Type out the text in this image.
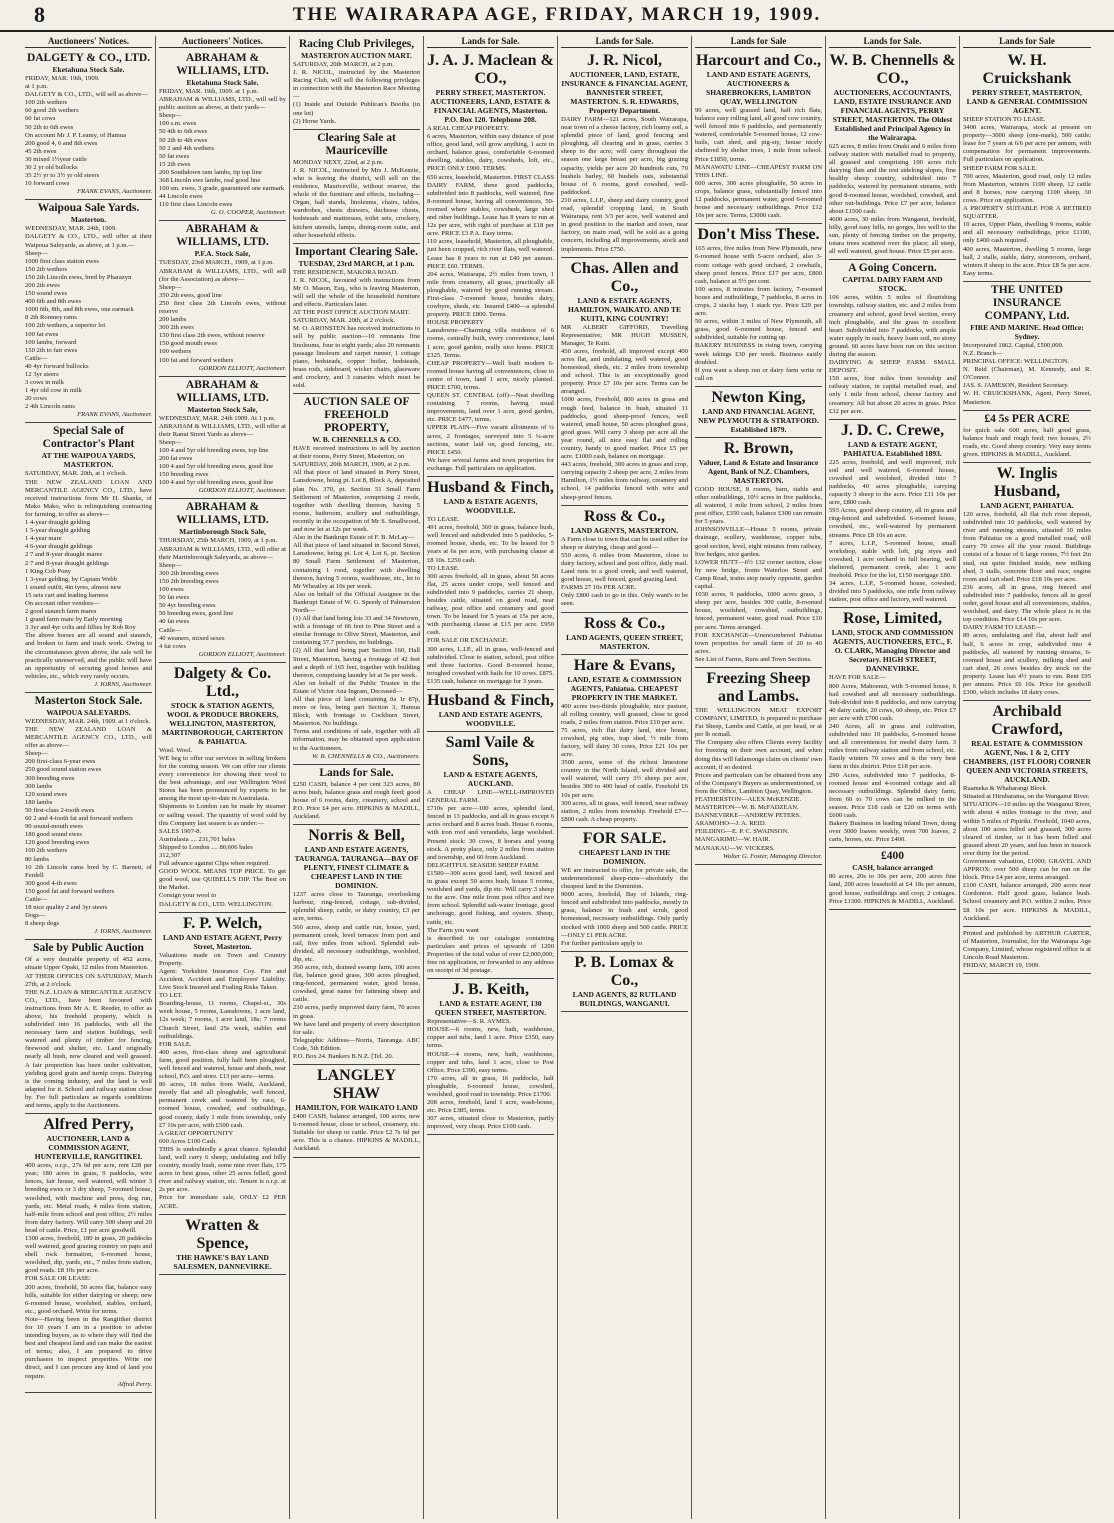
8	THE WAIRARAPA AGE, FRIDAY, MARCH 19, 1909.
Auctioneers' Notices.
DALGETY & CO., LTD.
Eketahuna Stock Sale.
FRIDAY, MAR. 19th, 1909.
at 1 p.m.
DALGETY & CO., LTD., will sell as above—
100 2th wethers
60 good 2th wethers
60 fat cows
50 2th to 6th ewes
On account Mr J. P. Leamy, of Hamua
200 good 4, 6 and 8th ewes
45 2th ewes
30 mixed 1½year cattle
30 2 yr old bullocks
35 2½ yr to 3½ yr old steers
10 forward cows
FRANK EVANS, Auctioneer.
Waipoua Sale Yards.
Masterton.
WEDNESDAY, MAR. 24th, 1909.
DALGETY & CO., LTD., will offer at their Waipoua Saleyards, as above, at 1 p.m.—
Sheep—
1000 first class station ewes
150 2th wethers
150 2th Lincoln ewes, bred by Pharazyn
200 2th ewes
150 sound ewes
400 6th and 8th ewes
1000 6th, 8th, and 8th ewes, one earmark
8 2th Romney rams
100 2th wethers, a superior lot
100 fat ewes
100 lambs, forward
150 2th to fair ewes
Cattle—
40 4yr forward bullocks
12 3yr steers
3 cows in milk
1 4yr old cow in milk
20 cows
2 4th Lincoln rams
FRANK EVANS, Auctioneer.
Special Sale of Contractor's Plant
AT THE WAIPOUA YARDS, MASTERTON.
SATURDAY, MAR. 20th, at 1 o'clock.
THE NEW ZEALAND LOAN AND MERCANTILE AGENCY CO., LTD., have received instructions from Mr H. Shanks, of Mako Mako, who is relinquishing contracting for farming, to offer as above—
1 4-year draught gelding
1 5-year draught gelding
1 4-year mare
4 6-year draught geldings
2 7 and 8-year draught mares
2 7 and 8-year draught geldings
1 King Cob Pony
1 3-year gelding, by Captain Webb
1 sound outfit, 4in tyres, almost new
15 sets cart and leading harness
On account other vendors—
2 good staunch farm mares
1 grand farm mare by Early morning
3 3yr and 4yr colts and fillies by Rob Roy
The above horses are all sound and staunch, and broken to farm and track work. Owing to the circumstances given above, the sale will be practically unreserved, and the public will have an opportunity of securing good horses and vehicles, etc., which very rarely occurs.
J. IORNS, Auctioneer.
Masterton Stock Sale.
WAIPOUA SALEYARDS.
WEDNESDAY, MAR. 24th, 1909. at 1 o'clock.
THE NEW ZEALAND LOAN & MERCANTILE AGENCY CO., LTD., will offer as above—
Sheep—
200 first-class 6-year ewes
250 good sound station ewes
300 breeding ewes
300 lambs
120 sound ewes
180 lambs
50 first-class 2-tooth ewes
60 2 and 4-tooth fat and forward wethers
90 sound-mouth ewes
180 good sound ewes
120 good breeding ewes
100 2th wethers
80 lambs
10 2th Lincoln rams bred by C. Barnett, of Ferdell
300 good 4-th ewes
150 good fat and forward wethers
Cattle—
18 nice quality 2 and 3yr steers
Dogs—
8 sheep dogs
J. IORNS, Auctioneer.
Sale by Public Auction
Of a very desirable property of 452 acres, situate Upper Opaki, 12 miles from Masterton.
AT THEIR OFFICES ON SATURDAY, March 27th, at 2 o'clock.
THE N.Z. LOAN & MERCANTILE AGENCY CO., LTD., have been favoured with instructions from Mr A. E. Reeder, to offer as above, his freehold property, which is subdivided into 16 paddocks, with all the necessary farm and station buildings, well watered and plenty of timber for fencing, firewood and shelter, etc. Land originally nearly all bush, now cleared and well grassed. A fair proportion has been under cultivation, yielding good grain and turnip crops. Dairying is the coming industry, and the land is well adapted for it. School and railway station close by. For full particulars as regards conditions and terms, apply to the Auctioneers.
Alfred Perry,
AUCTIONEER, LAND & COMMISSION AGENT, HUNTERVILLE, RANGITIKEI.
400 acres, o.r.p., 27s 6d per acre, rent £28 per year; 180 acres in grass, 9 paddocks, wire fences, fair house, well watered, will winter 3 breeding ewes or 3 dry sheep, 7-roomed house, woolshed, with machine and press, dog run, yards, etc. Metal roads, 4 miles from station, half-mile from school and post office, 2½ miles from dairy factory. Will carry 300 sheep and 20 head of cattle. Price, £1 per acre goodwill.
1300 acres, freehold, 180 in grass, 20 paddocks well watered, good grazing country on paps and shell rock formation, 6-roomed house, woolshed, dip, yards, etc., 7 miles from station, good roads. £8 10s per acre.
FOR SALE OR LEASE:
200 acres, freehold, 50 acres flat, balance easy hills, suitable for either dairying or sheep; new 6-roomed house, woolshed, stables, orchard, etc., good orchard. Write for terms.
Note—Having been in the Rangitikei district for 10 years I am in a position to advise intending buyers, as to where they will find the best and cheapest land and can make the easiest of terms; also, I am prepared to drive purchasers to inspect properties. Write me direct, and I can procure any kind of land you require.
Alfred Perry.
Auctioneers' Notices.
ABRAHAM & WILLIAMS, LTD.
Eketahuna Stock Sale.
FRIDAY, MAR. 19th, 1909. at 1 p.m.
ABRAHAM & WILLIAMS, LTD., will sell by public auction as above, at their yards—
Sheep—
100 s.m. ewes
50 4th to 6th ewes
50 2th to 4th ewes
50 2 and 4th wethers
50 fat ewes
15 2th ewes
200 Southdown ram lambs, tip top line
368 Lincoln ewe lambs, real good line
100 sm. ewes, 3 grade, guaranteed one earmark
44 Lincoln ewes
110 first class Lincoln ewes
G. O. COOPER, Auctioneer.
ABRAHAM & WILLIAMS, LTD.
P.F.A. Stock Sale,
TUESDAY, 23rd MARCH., 1909, at 1 p.m.
ABRAHAM & WILLIAMS, LTD., will sell (for the Association) as above—
Sheep—
350 2th ewes, good line
250 first class 2th Lincoln ewes, without reserve
200 lambs
300 2th ewes
150 first class 2th ewes, without reserve
150 good mouth ewes
100 wethers
100 fat and forward wethers
GORDON ELLIOTT, Auctioneer.
ABRAHAM & WILLIAMS, LTD.
Masterton Stock Sale,
WEDNESDAY, MAR. 24th 1909. At 1 p.m.
ABRAHAM & WILLIAMS, LTD., will offer at their Ranui Street Yards as above—
Sheep—
100 4 and 5yr old breeding ewes, top line
200 fat ewes
100 4 and 5yr old breeding ewes, good line
150 breeding ewes
100 4 and 5yr old breeding ewes, good line
GORDON ELLIOTT, Auctioneer.
ABRAHAM & WILLIAMS, LTD.
Martinborough Stock Sale,
THURSDAY, 25th MARCH, 1909, at 1 p.m.
ABRAHAM & WILLIAMS, LTD., will offer at their Martinborough Saleyards, as above—
Sheep—
300 2th breeding ewes
150 2th breeding ewes
100 ewes
50 fat ewes
50 4yr breeding ewes
50 breeding ewes, good line
40 fat ewes
Cattle—
40 weaners, mixed sexes
4 fat cows
GORDON ELLIOTT, Auctioneer.
Dalgety & Co. Ltd.,
STOCK & STATION AGENTS, WOOL & PRODUCE BROKERS, WELLINGTON, MASTERTON, MARTINBOROUGH, CARTERTON & PAHIATUA.
Wool. Wool.
WE beg to offer our services in selling brokers for the coming season. We can offer our clients every convenience for showing their wool to the best advantage, and our Wellington Wool Stores has been pronounced by experts to be among the most up-to-date in Australasia.
Shipments to London can be made by steamer or sailing vessel. The quantity of wool sold by this Company last season is as under:—
SALES 1907-8.
Australasia .... 231,701 bales
Shipped to London .... 80,606 bales
312,307
Full advance against Clips when required.
GOOD WOOL MEANS TOP PRICE. To get good wool, use QUIBELL'S DIP. The Best on the Market.
Consign your wool to
DALGETY & CO., LTD. WELLINGTON.
F. P. Welch,
LAND AND ESTATE AGENT, Perry Street, Masterton.
Valuations made on Town and Country Property.
Agent: Yorkshire Insurance Coy. Fire and Accident. Accident and Employers' Liability. Live Stock Insured and Foaling Risks Taken.
TO LET.
Boarding-house, 11 rooms, Chapel-st., 30s week house, 5 rooms, Lansdowne, 1 acre land, 12s week; 7 rooms, 1 acre land, 18s; 7 rooms Church Street, land 25s week, stables and outbuildings.
FOR SALE.
400 acres, first-class sheep and agricultural farm, good position, fully half been ploughed, well fenced and watered, house and sheds, near school, P.O. and store. £13 per acre—terms.
86 acres, 18 miles from Waihi, Auckland, mostly flat and all ploughable, well fenced, permanent creek and watered by race, 6-roomed house, cowshed, and outbuildings, good county, daily 1 mile from township, only £7 10s per acre, with £500 cash.
A GREAT OPPORTUNITY
600 Acres £100 Cash.
THIS is undoubtedly a great chance. Splendid land, well carry 6 sheep; undulating and hilly country, mostly bush, some nine river flats, 175 acres in best grass, other 25 acres felled, good river and railway station, etc. Tenure is o.r.p. at 2s per acre.
Price for immediate sale, ONLY £2 PER ACRE.
Wratten & Spence,
THE HAWKE'S BAY LAND SALESMEN, DANNEVIRKE.
Racing Club Privileges,
MASTERTON AUCTION MART.
SATURDAY, 20th MARCH, at 2 p.m.
J. R. NICOL, instructed by the Masterton Racing Club, will sell the following privileges in connection with the Masterton Race Meeting—
(1) Inside and Outside Publican's Booths (in one lot)
(2) Horse Yards.
Clearing Sale at Mauriceville
MONDAY NEXT, 22nd, at 2 p.m.
J. R. NICOL, instructed by Mrs J. McKenzie, who is leaving the district, will sell on the residence, Mauriceville, without reserve, the whole of the furniture and effects, including—Organ, hall stands, linoleums, chairs, tables, wardrobes, chests drawers, duchesse chests, bedsteads and mattresses, toilet sets, crockery, kitchen utensils, lamps, dining-room suite, and other household effects.
Important Clearing Sale.
TUESDAY, 23rd MARCH, at 1 p.m.
THE RESIDENCE, MAKORA ROAD.
J. R. NICOL, favoured with instructions from Mr O. Mason, Esq., who is leaving Masterton, will sell the whole of the household furniture and effects. Particulars later.
AT THE POST OFFICE AUCTION MART.
SATURDAY, MAR. 20th, at 2 o'clock.
M. O. ARONSTEN has received instructions to sell by public auction—10 remnants fine linoleums, four to eight yards; also 20 remnants passage linoleum and carpet runner, 1 cottage piano, bedsteads, copper boiler, bedsteads, brass rods, sideboard, wicker chairs, glassware and crockery, and 3 canaries which must be sold.
AUCTION SALE OF FREEHOLD PROPERTY,
W. B. CHENNELLS & CO.
HAVE received instructions to sell by auction at their rooms, Perry Street, Masterton, on
SATURDAY, 20th MARCH, 1909, at 2 p.m.
All that piece of land situated in Perry Street, Lansdowne, being pt. Lot 8, Block A, deposited plan No. 370, pt. Section 51 Small Farm Settlement of Masterton, comprising 2 roods, together with dwelling thereon, having 5 rooms, bathroom, scullery and outbuildings, recently in the occupation of Mr S. Smallwood, and now let at 12s per week.
Also in the Bankrupt Estate of F. B. McLay—
All that piece of land situated in Second Street, Lansdowne, being pt. Lot 4, Lot 6, pt. Section 80 Small Farm Settlement of Masterton, containing 1 rood, together with dwelling thereon, having 5 rooms, washhouse, etc., let to Mr Wheatley at 10s per week.
Also on behalf of the Official Assignee in the Bankrupt Estate of W. G. Speedy of Palmerston North—
(1) All that land being lots 33 and 34 Newtown, with a frontage of 66 feet to Pine Street and a similar frontage to Olive Street, Masterton, and containing 37.7 perches, no buildings.
(2) All that land being part Section 160, Hall Street, Masterton, having a frontage of 42 feet and a depth of 165 feet, together with building thereon, comprising laundry let at 5s per week.
Also on behalf of the Public Trustee in the Estate of Victor Ana Ingram, Deceased—
All that piece of land containing 0a 1r 87p, more or less, being part Section 3, Hamua Block, with frontage to Cockburn Street, Masterton. No buildings.
Terms and conditions of sale, together with all information, may be obtained upon application to the Auctioneers.
W. B. CHENNELLS & CO., Auctioneers.
Lands for Sale.
£250 CASH, balance 4 per cent 323 acres, 80 acres bush, balance grass and rough feed; good house of 6 rooms, dairy, creamery, school and P.O. Price £4 per acre. HIPKINS & MADILL, Auckland.
Norris & Bell,
LAND AND ESTATE AGENTS, TAURANGA. TAURANGA—BAY OF PLENTY, FINEST CLIMATE & CHEAPEST LAND IN THE DOMINION.
1237 acres close to Tauranga, overlooking harbour, ring-fenced, cottage, sub-divided, splendid sheep, cattle, or dairy country, £3 per acre, terms.
560 acres, sheep and cattle run, house, yard, permanent creek, level terraces from port and rail, five miles from school. Splendid sub-divided, all necessary outbuildings, woolshed, dip, etc.
360 acres, rich, drained swamp farm, 100 acres flat, balance good grass, 300 acres ploughed, ring-fenced, permanent water, good house, cowshed, great name for fattening sheep and cattle.
230 acres, partly improved dairy farm, 70 acres in grass.
We have land and property of every description for sale.
Telegraphic Address—Norris, Tauranga. ABC Code, 5th Edition.
P.O. Box 24. Bankers B.N.Z. [Tel. 20.
LANGLEY SHAW
HAMILTON, FOR WAIKATO LAND
£400 CASH, balance arranged, 100 acres, new 6-roomed house, close to school, creamery, etc. Suitable for sheep or cattle. Price £2 7s 6d per acre. This is a chance. HIPKINS & MADILL, Auckland.
Lands for Sale.
J. A. J. Maclean & CO.,
PERRY STREET, MASTERTON. AUCTIONEERS, LAND, ESTATE & FINANCIAL AGENTS, Masterton. P.O. Box 120. Telephone 208.
A REAL CHEAP PROPERTY.
6 acres, Masterton, within easy distance of post office, good land, will grow anything, 1 acre in orchard, balance grass, comfortable 6-roomed dwelling, stables, dairy, cowsheds, loft, etc., PRICE ONLY £900. TERMS.
650 acres, leasehold, Masterton. FIRST CLASS DAIRY FARM, three good paddocks, subdivided into 8 paddocks, well watered, fine 8-roomed house, having all conveniences, 50-roomed where stables, cowsheds, large shed and other buildings. Lease has 8 years to run at 12s per acre, with right of purchase at £18 per acre. PRICE £3 P.A. Easy terms.
110 acres, leasehold, Masterton, all ploughable, just been cropped, rich river flats, well watered. Lease has 8 years to run at £40 per annum. PRICE £60. TERMS.
204 acres, Wairarapa, 2½ miles from town, 1 mile from creamery, all grass, practically all ploughable, watered by good running stream. First-class 7-roomed house, besides dairy, cowbyre, sheds, etc. Insured £400—a splendid property. PRICE £800. Terms.
HOUSE PROPERTY
Lansdowne—Charming villa residence of 6 rooms, centrally built, every convenience, land 1 acre, good garden, really nice home. PRICE £325. Terms.
CHEAP PROPERTY—Well built modern 6-roomed house having all conveniences, close to centre of town, land 1 acre, nicely planted. PRICE £700, terms.
QUEEN ST. CENTRAL (off)—Neat dwelling containing 7 rooms, having usual improvements, land over 1 acre, good garden, etc. PRICE £477, terms.
UPPER PLAIN—Five vacant allotments of ¼ acres, 2 frontages, surveyed into 5 ¼-acre sections, water laid on, good fencing, etc. PRICE £450.
We have several farms and town properties for exchange. Full particulars on application.
Husband & Finch,
LAND & ESTATE AGENTS, WOODVILLE.
TO LEASE.
491 acres, freehold, 360 in grass, balance bush, well fenced and subdivided into 5 paddocks, 5-roomed house, sheds, etc. To be leased for 5 years at 6s per acre, with purchasing clause at £8 10s. £250 cash.
TO LEASE.
300 acres freehold, all in grass, about 50 acres flat, 25 acres under crops, well fenced and subdivided into 9 paddocks, carries 21 sheep, besides cattle, situated on good road, near railway, post office and creamery and good town. To be leased for 5 years at 15s per acre, with purchasing clause at £15 per acre. £950 cash.
FOR SALE OR EXCHANGE.
300 acres, L.I.P., all in grass, well-fenced and subdivided. Close to station, school, post office and three factories. Good 8-roomed house, troughed cowshed with bails for 10 cows. £875. £135 cash, balance on mortgage for 3 years.
Husband & Finch,
LAND AND ESTATE AGENTS, WOODVILLE.
Saml Vaile & Sons,
LAND & ESTATE AGENTS, AUCKLAND.
A CHEAP LINE—WELL-IMPROVED GENERAL FARM.
£710s per acre—100 acres, splendid land, fenced in 13 paddocks, and all in grass except 6 acres orchard and 8 acres bush. House 6 rooms, with iron roof and verandahs, large woolshed. Present stock: 30 cows, 8 horses and young stock. A pretty place, only 2 miles from station and township, and 60 from Auckland.
DELIGHTFUL SEASIDE SHEEP FARM.
£1500—300 acres good land, well fenced and in grass except 50 acres bush, house 5 rooms, woolshed and yards, dip etc. Will carry 3 sheep to the acre. One mile from post office and two from school. Splendid salt-water frontage, good anchorage, good fishing, and oysters. Sheep, cattle, etc.
The Farm you want
is described in our catalogue containing particulars and prices of upwards of 1200 Properties of the total value of over £2,000,000; free on application, or forwarded to any address on receipt of 3d postage.
J. B. Keith,
LAND & ESTATE AGENT, 130 QUEEN STREET, MASTERTON.
Representative—S. R. AYMES.
HOUSE—6 rooms, new, bath, washhouse, copper and tubs, land 1 acre. Price £350, easy terms.
HOUSE—4 rooms, new, bath, washhouse, copper and tubs, land 1 acre, close to Post Office. Price £390, easy terms.
170 acres, all in grass, 16 paddocks, half ploughable, 6-roomed house, cowshed, woolshed, good road to township. Price £1700.
208 acres, freehold, land 1 acre, wash-house, etc. Price £385, terms.
307 acres, situated close to Masterton, partly improved, very cheap. Price £100 cash.
Lands for Sale.
J. R. Nicol,
AUCTIONEER, LAND, ESTATE, INSURANCE & FINANCIAL AGENT, BANNISTER STREET, MASTERTON. S. R. EDWARDS, Property Department.
DAIRY FARM—121 acres, South Wairarapa, near town of a cheese factory, rich loamy soil, a splendid piece of land, good fencing and ploughing, all clearing and in grass, carries 3 sheep to the acre; will carry throughout the season one large breast per acre, big grazing capacity, yields per acre 20 hundreds cuts, 70 bushels barley, 60 bushels oats, substantial house of 6 rooms, good cowshed, well-paddocked.
210 acres, L.I.P., sheep and dairy country, good road, splendid cropping land, in South Wairarapa, rent 3/3 per acre, well watered and in good position to the market and town, near factory, on main road, will be sold as a going concern, including all improvements, stock and implements. Price £750.
Chas. Allen and Co.,
LAND & ESTATE AGENTS, HAMILTON, WAIKATO. AND TE KUITI, KING COUNTRY!
MR ALBERT GIFFORD, Travelling Representative; MR HUGH MUSSEN, Manager, Te Kuiti.
450 acres, freehold, all improved except 400 acres flat, and undulating, well watered, good homestead, sheds, etc. 2 miles from township and school. This is an exceptionally good property. Price £7 10s per acre. Terms can be arranged.
1000 acres, Freehold, 800 acres in grass and rough feed, balance in bush, situated 11 paddocks, good sheep-proof fences, well watered, small house, 50 acres ploughed grass, good grass. Will carry 3 sheep per acre all the year round, all nice easy flat and rolling country, handy to good market. Price £5 per acre. £1000 cash, balance on mortgage.
443 acres, freehold, 300 acres in grass and crop, carrying capacity 2 sheep per acre, 2 miles from Hamilton, 1½ miles from railway, creamery and school, 14 paddocks fenced with wire and sheep-proof fences.
Ross & Co.,
LAND AGENTS, MASTERTON.
A Farm close to town that can be used either for sheep or dairying, cheap and good—
550 acres, 6 miles from Masterton, close to dairy factory, school and post office, daily mail. Land runs to a good creek, and well watered, good house, well fenced, good grazing land.
FARMS 27 10s PER ACRE.
Only £800 cash to go in this. Only want's to be seen.
Ross & Co.,
LAND AGENTS, QUEEN STREET, MASTERTON.
Hare & Evans,
LAND, ESTATE & COMMISSION AGENTS, Pahiatua. CHEAPEST PROPERTY IN THE MARKET.
400 acres two-thirds ploughable, nice pasture, all rolling country, well grassed, close to good roads, 2 miles from station. Price £10 per acre.
75 acres, rich flat dairy land, nice house, cowshed, pig sties, trap shed, ½ mile from factory, will dairy 30 cows, Price £21 10s per acre.
3500 acres, some of the richest limestone country in the North Island, well divided and well watered, will carry 3½ sheep per acre, besides 300 to 400 head of cattle. Freehold £6 10s per acre.
300 acres, all in grass, well fenced, near railway station, 2 miles from township. Freehold £7—£800 cash. A cheap property.
FOR SALE.
CHEAPEST LAND IN THE DOMINION.
WE are instructed to offer, for private sale, the undermentioned sheep-runs—absolutely the cheapest land in the Dominion.
9000 acres, freehold, Bay of Islands, ring-fenced and subdivided into paddocks, mostly in grass, balance in bush and scrub, good homestead, necessary outbuildings. Only partly stocked with 1000 sheep and 500 cattle. PRICE—ONLY £1 PER ACRE.
For further particulars apply to
P. B. Lomax & Co.,
LAND AGENTS, 82 RUTLAND BUILDINGS, WANGANUI.
Lands for Sale
Harcourt and Co.,
LAND AND ESTATE AGENTS, AUCTIONEERS & SHAREBROKERS, LAMBTON QUAY, WELLINGTON
99 acres, well grassed land, half rich flats, balance easy rolling land, all good cow country, well fenced into 6 paddocks, and permanently watered, comfortable 5-roomed house, 12 cow-bails, cart shed, and pig-sty, house nicely sheltered by shelter trees, 1 mile from school. Price £1850, terms.
MANAWATU LINE—CHEAPEST FARM ON THIS LINE.
600 acres, 300 acres ploughable, 50 acres in crops, balance grass, substantially fenced into 12 paddocks, permanent water, good 6-roomed house and necessary outbuildings. Price £12 10s per acre. Terms, £3000 cash.
Don't Miss These.
165 acres, five miles from New Plymouth, new 6-roomed house with 5-acre orchard, also 3-room cottage with good orchard, 2 cowbails, sheep proof fences. Price £17 per acre, £800 cash, balance at 5½ per cent.
100 acres, 8 minutes from factory, 7-roomed house and outbuildings, 7 paddocks, 8 acres in crops, 2 stacks hay, 1 stack rye. Price £29 per acre.
50 acres, within 3 miles of New Plymouth, all grass, good 6-roomed house, fenced and subdivided, suitable for cutting up.
BAKERY BUSINESS in rising town, carrying week takings £30 per week. Business easily doubled.
If you want a sheep run or dairy farm write or call on
Newton King,
LAND AND FINANCIAL AGENT, NEW PLYMOUTH & STRATFORD. Established 1879.
R. Brown,
Valuer, Land & Estate and Insurance Agent, Bank of N.Z. Chambers, MASTERTON.
GOOD HOUSE, 8 rooms, barn, stable and other outbuildings, 10½ acres in five paddocks, all watered, 1 mile from school, 2 miles from post office, £350 cash, balance £300 can remain for 5 years.
JOHNSONVILLE—House 5 rooms, private drainage, scullery, washhouse, copper tubs, good section, level, eight minutes from railway, live hedges, nice garden.
LOWER HUTT—6½ 132 corner section, close by new bridge, fronts Waterloo Street and Camp Road, trains stop nearly opposite, garden capital.
1030 acres, 9 paddocks, 1000 acres grass, 3 sheep per acre, besides 300 cattle, 8-roomed house, woolshed, cowshed, outbuildings, fenced, permanent water, good road. Price £10 per acre. Terms arranged.
FOR EXCHANGE—Unencumbered Pahiatua town properties for small farm of 20 to 40 acres.
See List of Farms, Runs and Town Sections.
Freezing Sheep and Lambs.
THE WELLINGTON MEAT EXPORT COMPANY, LIMITED, is prepared to purchase Fat Sheep, Lambs and Cattle, at per head, or at per lb ocmall.
The Company also offers Clients every facility for freezing on their own account, and when doing this will fatlamonge claim on clients' own account, if so desired.
Prices and particulars can be obtained from any of the Company's Buyers as undermentioned, or from the Office, Lambton Quay, Wellington.
FEATHERSTON—ALEX McKENZIE.
MASTERTON—W. B. McFADZEAN.
DANNEVIRKE—ANDREW PETERS.
ARAMOHO—J. A. REID.
FEILDING—E. P. C. SWAINSON.
MANGARIMU—W. HAIR.
MANAKAU—W. VICKERS.
Walter G. Foster, Managing Director.
Lands for Sale.
W. B. Chennells & CO.,
AUCTIONEERS, ACCOUNTANTS, LAND, ESTATE INSURANCE AND FINANCIAL AGENTS, PERRY STREET, MASTERTON. The Oldest Established and Principal Agency in the Wairarapa.
625 acres, 8 miles from Onaki and 6 miles from railway station with metalled road to property, all grassed and comprising 100 acres rich dairying flats and the rest sidelong slopes, fine healthy sheep country, subdivided into 7 paddocks, watered by permanent streams, with good 8-roomed house, woolshed, cowshed, and other out-buildings. Price £7 per acre, balance about £1500 cash.
4600 acres, 30 miles from Wanganui, freehold, hilly, good easy hills, no gorges, lies well to the sun, plenty of fencing timber on the property, totara trees scattered over the place; all steep, all well watered, good house. Price £5 per acre.
A Going Concern.
CAPITAL DAIRY FARM AND STOCK.
106 acres, within 5 miles of flourishing township, railway station, etc. and 2 miles from creamery and school, good level section, every inch ploughable, and the grass in excellent heart. Subdivided into 7 paddocks, with ample water supply in each, heavy loam soil, no stony ground. 60 acres have been run on this section during the season.
DAIRYING & SHEEP FARM. SMALL DEPOSIT.
150 acres, four miles from township and railway station, in capital metalled road, and only 1 mile from school, cheese factory and creamery. All but about 20 acres in grass. Price £32 per acre.
J. D. C. Crewe,
LAND & ESTATE AGENT, PAHIATUA. Established 1893.
225 acres, freehold, and well improved, rich soil and well watered, 6-roomed house, cowshed and woolshed, divided into 7 paddocks, 40 acres ploughable, carrying capacity 3 sheep to the acre. Price £11 10s per acre, £800 cash.
593 Acres, good sheep country, all in grass and ring-fenced and subdivided. 6-roomed house, cowshed, etc., well-watered by permanent streams. Price £8 10s an acre.
7 acres, L.I.P., 5-roomed house, small workshop, stable with loft, pig styes and cowshed, 1 acre orchard in full bearing, well sheltered, permanent creek, also 1 acre freehold. Price for the lot, £150 mortgage £80.
34 acres, L.I.P., 5-roomed house, cowshed, divided into 5 paddocks, one mile from railway station, post office and factory, well watered.
Rose, Limited,
LAND, STOCK AND COMMISSION AGENTS, AUCTIONEERS, ETC., F. O. CLARK, Managing Director and Secretary. HIGH STREET, DANNEVIRKE.
HAVE FOR SALE—
800 Acres, Mahoenui, with 5-roomed house, 6 bail cowshed and all necessary outbuildings. Sub-divided into 8 paddocks, and now carrying 40 dairy cattle, 20 cows, 60 sheep, etc. Price £7 per acre with £700 cash.
240 Acres, all in grass and cultivation, subdivided into 10 paddocks, 6-roomed house and all conveniences for model dairy farm. 3 miles from railway station and from school, etc. Easily winters 70 cows and is the very best farm in this district. Price £18 per acre.
290 Acres, subdivided into 7 paddocks, 8-roomed house and 4-roomed cottage and all necessary outbuildings. Splendid dairy farm; from 60 to 70 cows can be milked in the season. Price £18 cash or £20 on terms with £600 cash.
Bakery Business in leading inland Town, doing over 3000 loaves weekly, oven 700 loaves, 2 carts, horses, etc. Price £400.
£400
CASH, balance arranged
80 acres, 20s to 30s per acre, 200 acres fine land, 200 acres leasehold at £4 18s per annum, good house, outbuildings and crop; 2 cottages. Price £1300. HIPKINS & MADILL, Auckland.
Lands for Sale
W. H. Cruickshank
PERRY STREET, MASTERTON, LAND & GENERAL COMMISSION AGENT.
SHEEP STATION TO LEASE.
3400 acres, Wairarapa, stock at present on property—3000 sheep (one-mark), 500 cattle; lease for 7 years at 6/6 per acre per annum, with compensation for permanent improvements. Full particulars on application.
SHEEP FARM FOR SALE.
700 acres, Masterton, good road, only 12 miles from Masterton, winters 1100 sheep, 12 cattle and 8 horses, now carrying 1100 sheep, 30 cows. Price on application.
A PROPERTY SUITABLE FOR A RETIRED SQUATTER.
10 acres, Upper Plain, dwelling 9 rooms, stable and all necessary outbuildings, price £1100, only £400 cash required.
400 acres, Masterton, dwelling 5 rooms, large hall, 2 stalls, stable, dairy, storeroom, orchard, winters 8 sheep to the acre. Price £8 5s per acre. Easy terms.
THE UNITED INSURANCE COMPANY, Ltd.
FIRE AND MARINE. Head Office: Sydney.
Incorporated 1862. Capital, £500,000.
N.Z. Branch—
PRINCIPAL OFFICE: WELLINGTON.
N. Reid (Chairman), M. Kennedy, and R. O'Connor.
JAS. S. JAMESON, Resident Secretary.
W. H. CRUICKSHANK, Agent, Perry Street, Masterton.
£4 5s PER ACRE
for quick sale 600 acres, half good grass, balance bush and rough feed; two houses, 2½ roads, etc. Good sheep country. Very easy terms given. HIPKINS & MADILL, Auckland.
W. Inglis Husband,
LAND AGENT, PAHIATUA.
120 acres, freehold, all flat rich river deposit, subdivided into 10 paddocks, well watered by river and running streams, situated 10 miles from Pahiatua on a good metalled road, will carry 70 cows all the year round. Buildings consist of a house of 6 large rooms, 7½ feet 2in stud, out quite finished inside, new milking shed, 3 stalls, concrete floor and race, engine room and cart shed. Price £18 10s per acre.
236 acres, all in grass, ring fenced and subdivided into 7 paddocks, fences all in good order, good house and all conveniences, stables, woolshed, and dairy. The whole place is in the top condition. Price £14 10s per acre.
DAIRY FARM TO LEASE—
89 acres, undulating and flat, about half and half, 6 acres in crop, subdivided into 4 paddocks, all watered by running streams, 6-roomed house and scullery, milking shed and cart shed, 26 cows besides dry stock on the property. Lease has 4½ years to run. Rent £95 per annum. Price £6 10s. Price for goodwill £300, which includes 18 dairy cows.
Archibald Crawford,
REAL ESTATE & COMMISSION AGENT, Nos. 1 & 2, CITY CHAMBERS, (1ST FLOOR) CORNER QUEEN AND VICTORIA STREETS, AUCKLAND.
Ruameka & Whaharangi Block
Situated at Hirubarama, on the Wanganui River.
SITUATION—10 miles up the Wanganui River, with about 4 miles frontage to the river, and within 5 miles of Pipiriki. Freehold, 1040 acres, about 100 acres felled and grassed, 300 acres cleared of timber, so it has been felled and grassed about 20 years, and has been in tussock over thirty for the period.
Government valuation, £1000; GRAVEL AND APPROX: over 500 sheep can be run on the block. Price £4 per acre, terms arranged.
£100 CASH, balance arranged, 200 acres near Gordonton. Half good grass, balance bush. School creamery and P.O. within 2 miles. Price £8 10s per acre. HIPKINS & MADILL, Auckland.
Printed and published by ARTHUR CARTER, of Masterton, Journalist, for the Wairarapa Age Company, Limited, whose registered office is at Lincoln Road Masterton.
FRIDAY, MARCH 19, 1909.
